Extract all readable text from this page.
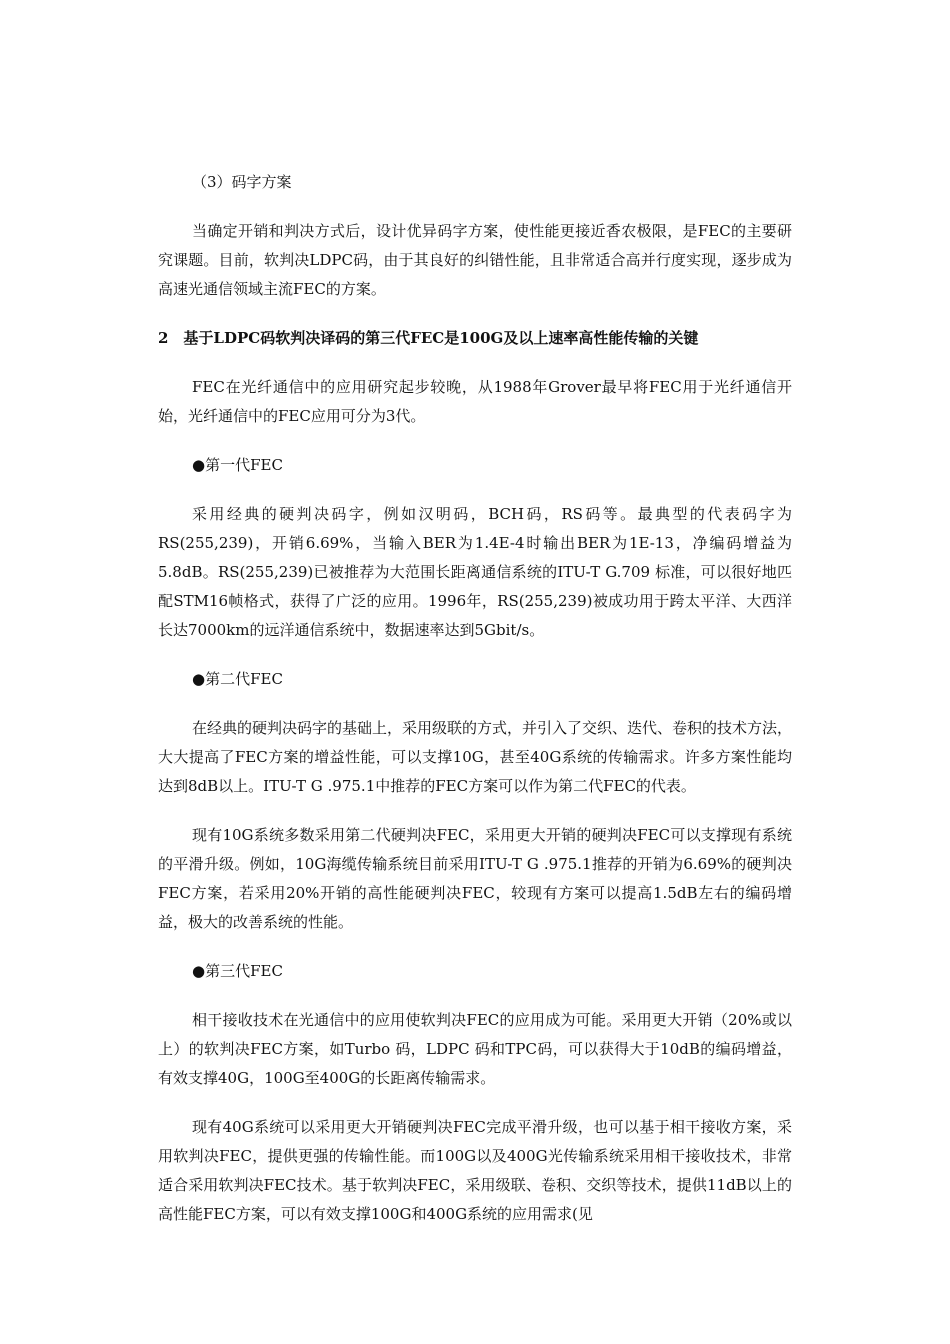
（3）码字方案

当确定开销和判决方式后，设计优异码字方案，使性能更接近香农极限，是FEC的主要研究课题。目前，软判决LDPC码，由于其良好的纠错性能，且非常适合高并行度实现，逐步成为高速光通信领域主流FEC的方案。

2　基于LDPC码软判决译码的第三代FEC是100G及以上速率高性能传输的关键

FEC在光纤通信中的应用研究起步较晚，从1988年Grover最早将FEC用于光纤通信开始，光纤通信中的FEC应用可分为3代。

●第一代FEC

采用经典的硬判决码字，例如汉明码，BCH码，RS码等。最典型的代表码字为RS(255,239)，开销6.69%，当输入BER为1.4E-4时输出BER为1E-13，净编码增益为5.8dB。RS(255,239)已被推荐为大范围长距离通信系统的ITU-T G.709 标准，可以很好地匹配STM16帧格式，获得了广泛的应用。1996年，RS(255,239)被成功用于跨太平洋、大西洋长达7000km的远洋通信系统中，数据速率达到5Gbit/s。

●第二代FEC

在经典的硬判决码字的基础上，采用级联的方式，并引入了交织、迭代、卷积的技术方法，大大提高了FEC方案的增益性能，可以支撑10G，甚至40G系统的传输需求。许多方案性能均达到8dB以上。ITU-T G .975.1中推荐的FEC方案可以作为第二代FEC的代表。

现有10G系统多数采用第二代硬判决FEC，采用更大开销的硬判决FEC可以支撑现有系统的平滑升级。例如，10G海缆传输系统目前采用ITU-T G .975.1推荐的开销为6.69%的硬判决FEC方案，若采用20%开销的高性能硬判决FEC，较现有方案可以提高1.5dB左右的编码增益，极大的改善系统的性能。

●第三代FEC

相干接收技术在光通信中的应用使软判决FEC的应用成为可能。采用更大开销（20%或以上）的软判决FEC方案，如Turbo 码，LDPC 码和TPC码，可以获得大于10dB的编码增益，有效支撑40G，100G至400G的长距离传输需求。

现有40G系统可以采用更大开销硬判决FEC完成平滑升级，也可以基于相干接收方案，采用软判决FEC，提供更强的传输性能。而100G以及400G光传输系统采用相干接收技术，非常适合采用软判决FEC技术。基于软判决FEC，采用级联、卷积、交织等技术，提供11dB以上的高性能FEC方案，可以有效支撑100G和400G系统的应用需求(见
